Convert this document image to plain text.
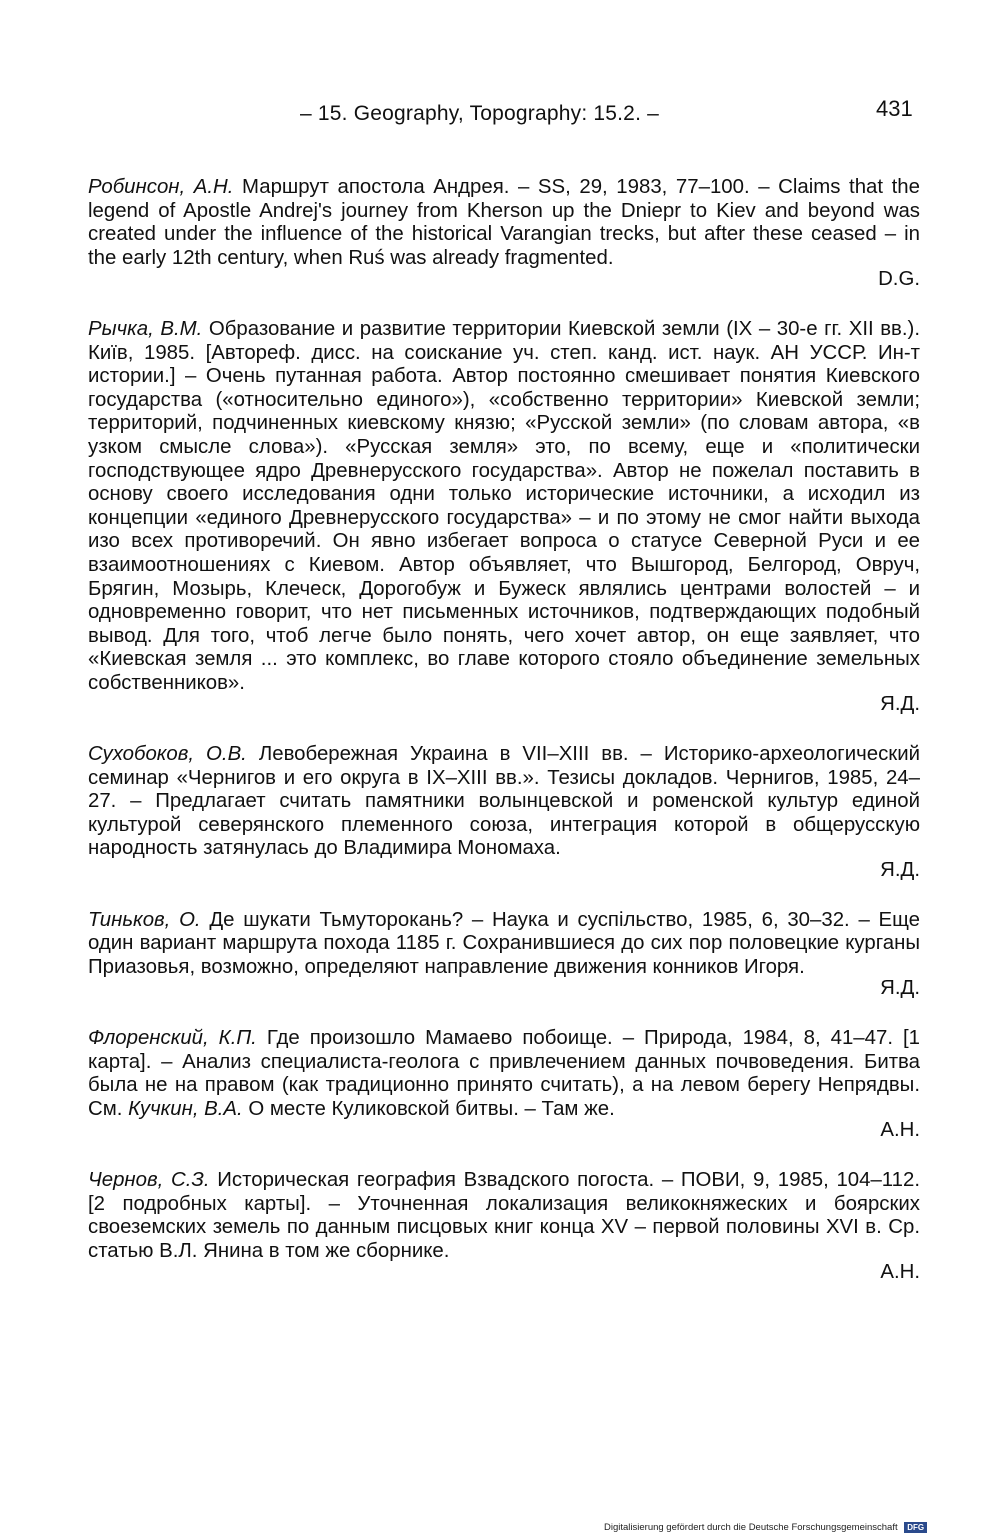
– 15. Geography, Topography: 15.2. –	431
Робинсон, А.Н. Маршрут апостола Андрея. – SS, 29, 1983, 77–100. – Claims that the legend of Apostle Andrej's journey from Kherson up the Dniepr to Kiev and beyond was created under the influence of the historical Varangian trecks, but after these ceased – in the early 12th century, when Ruś was already fragmented.
D.G.
Рычка, В.М. Образование и развитие территории Киевской земли (IX – 30-е гг. XII вв.). Київ, 1985. [Автореф. дисс. на соискание уч. степ. канд. ист. наук. АН УССР. Ин-т истории.] – Очень путанная работа. Автор постоянно смешивает понятия Киевского государства («относительно единого»), «собственно территории» Киевской земли; территорий, подчиненных киевскому князю; «Русской земли» (по словам автора, «в узком смысле слова»). «Русская земля» это, по всему, еще и «политически господствующее ядро Древнерусского государства». Автор не пожелал поставить в основу своего исследования одни только исторические источники, а исходил из концепции «единого Древнерусского государства» – и по этому не смог найти выхода изо всех противоречий. Он явно избегает вопроса о статусе Северной Руси и ее взаимоотношениях с Киевом. Автор объявляет, что Вышгород, Белгород, Овруч, Брягин, Мозырь, Клеческ, Дорогобуж и Бужеск являлись центрами волостей – и одновременно говорит, что нет письменных источников, подтверждающих подобный вывод. Для того, чтоб легче было понять, чего хочет автор, он еще заявляет, что «Киевская земля ... это комплекс, во главе которого стояло объединение земельных собственников».
Я.Д.
Сухобоков, О.В. Левобережная Украина в VII–XIII вв. – Историко-археологический семинар «Чернигов и его округа в IX–XIII вв.». Тезисы докладов. Чернигов, 1985, 24–27. – Предлагает считать памятники волынцевской и роменской культур единой культурой северянского племенного союза, интеграция которой в общерусскую народность затянулась до Владимира Мономаха.
Я.Д.
Тиньков, О. Де шукати Тьмуторокань? – Наука и суспільство, 1985, 6, 30–32. – Еще один вариант маршрута похода 1185 г. Сохранившиеся до сих пор половецкие курганы Приазовья, возможно, определяют направление движения конников Игоря.
Я.Д.
Флоренский, К.П. Где произошло Мамаево побоище. – Природа, 1984, 8, 41–47. [1 карта]. – Анализ специалиста-геолога с привлечением данных почвоведения. Битва была не на правом (как традиционно принято считать), а на левом берегу Непрядвы. См. Кучкин, В.А. О месте Куликовской битвы. – Там же.
А.Н.
Чернов, С.З. Историческая география Взвадского погоста. – ПОВИ, 9, 1985, 104–112. [2 подробных карты]. – Уточненная локализация великокняжеских и боярских своеземских земель по данным писцовых книг конца XV – первой половины XVI в. Ср. статью В.Л. Янина в том же сборнике.
А.Н.
Digitalisierung gefördert durch die Deutsche Forschungsgemeinschaft DFG
